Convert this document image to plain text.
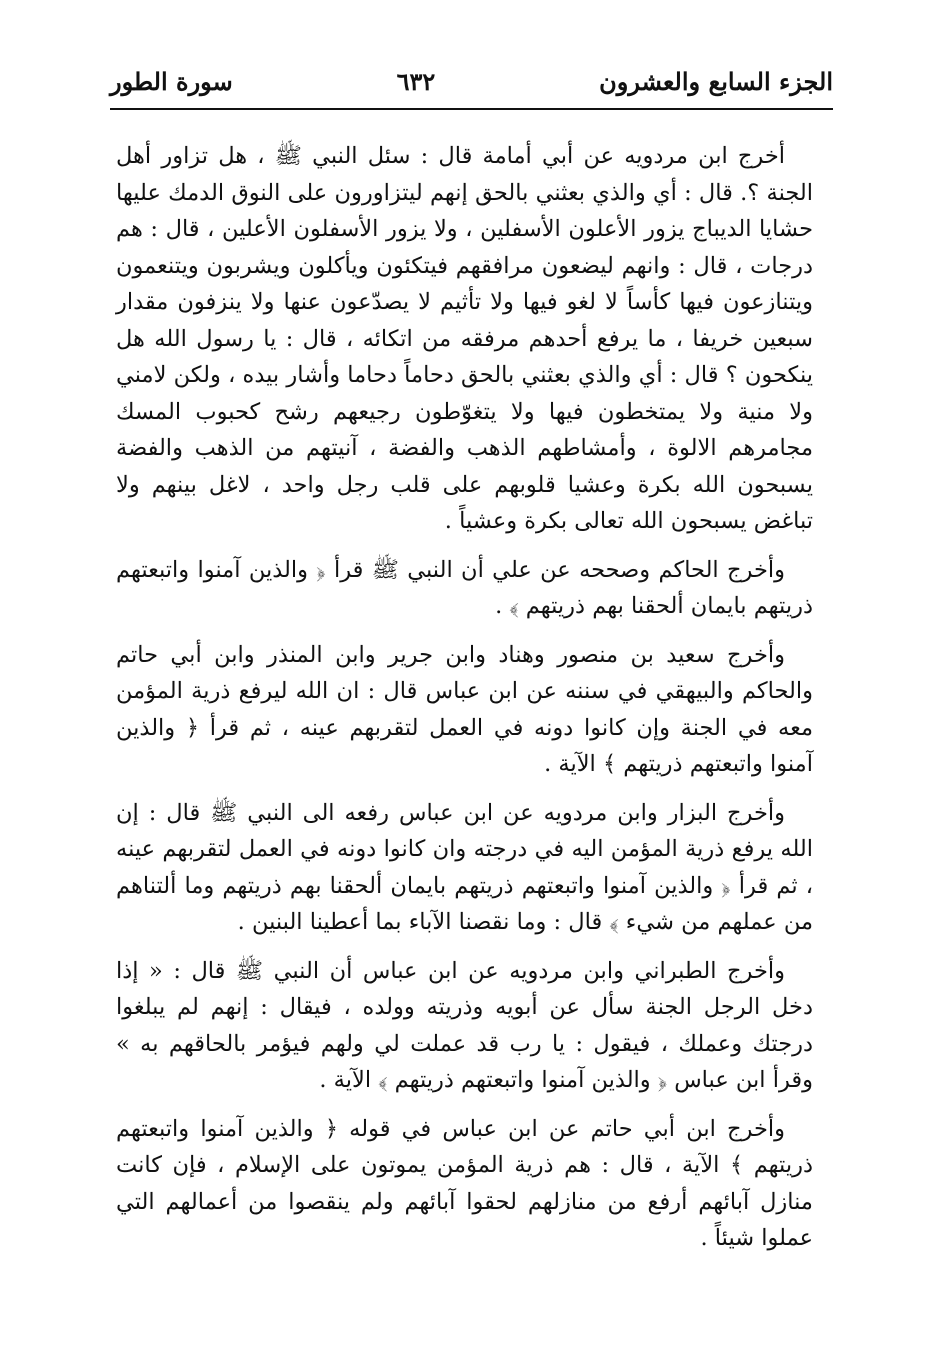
الجزء السابع والعشرون
٦٣٢
سورة الطور

أخرج ابن مردويه عن أبي أمامة قال : سئل النبي ﷺ ، هل تزاور أهل الجنة ؟. قال : أي والذي بعثني بالحق إنهم ليتزاورون على النوق الدمك عليها حشايا الديباج يزور الأعلون الأسفلين ، ولا يزور الأسفلون الأعلين ، قال : هم درجات ، قال : وانهم ليضعون مرافقهم فيتكئون ويأكلون ويشربون ويتنعمون ويتنازعون فيها كأساً لا لغو فيها ولا تأثيم لا يصدّعون عنها ولا ينزفون مقدار سبعين خريفا ، ما يرفع أحدهم مرفقه من اتكائه ، قال : يا رسول الله هل ينكحون ؟ قال : أي والذي بعثني بالحق دحاماً دحاما وأشار بيده ، ولكن لامني ولا منية ولا يمتخطون فيها ولا يتغوّطون رجيعهم رشح كحبوب المسك مجامرهم الالوة ، وأمشاطهم الذهب والفضة ، آنيتهم من الذهب والفضة يسبحون الله بكرة وعشيا قلوبهم على قلب رجل واحد ، لاغل بينهم ولا تباغض يسبحون الله تعالى بكرة وعشياً .

وأخرج الحاكم وصححه عن علي أن النبي ﷺ قرأ ﴿ والذين آمنوا واتبعتهم ذريتهم بايمان ألحقنا بهم ذريتهم ﴾ .

وأخرج سعيد بن منصور وهناد وابن جرير وابن المنذر وابن أبي حاتم والحاكم والبيهقي في سننه عن ابن عباس قال : ان الله ليرفع ذرية المؤمن معه في الجنة وإن كانوا دونه في العمل لتقربهم عينه ، ثم قرأ ﴿ والذين آمنوا واتبعتهم ذريتهم ﴾ الآية .

وأخرج البزار وابن مردويه عن ابن عباس رفعه الى النبي ﷺ قال : إن الله يرفع ذرية المؤمن اليه في درجته وان كانوا دونه في العمل لتقربهم عينه ، ثم قرأ ﴿ والذين آمنوا واتبعتهم ذريتهم بايمان ألحقنا بهم ذريتهم وما ألتناهم من عملهم من شيء ﴾ قال : وما نقصنا الآباء بما أعطينا البنين .

وأخرج الطبراني وابن مردويه عن ابن عباس أن النبي ﷺ قال : « إذا دخل الرجل الجنة سأل عن أبويه وذريته وولده ، فيقال : إنهم لم يبلغوا درجتك وعملك ، فيقول : يا رب قد عملت لي ولهم فيؤمر بالحاقهم به » وقرأ ابن عباس ﴿ والذين آمنوا واتبعتهم ذريتهم ﴾ الآية .

وأخرج ابن أبي حاتم عن ابن عباس في قوله ﴿ والذين آمنوا واتبعتهم ذريتهم ﴾ الآية ، قال : هم ذرية المؤمن يموتون على الإسلام ، فإن كانت منازل آبائهم أرفع من منازلهم لحقوا آبائهم ولم ينقصوا من أعمالهم التي عملوا شيئاً .
